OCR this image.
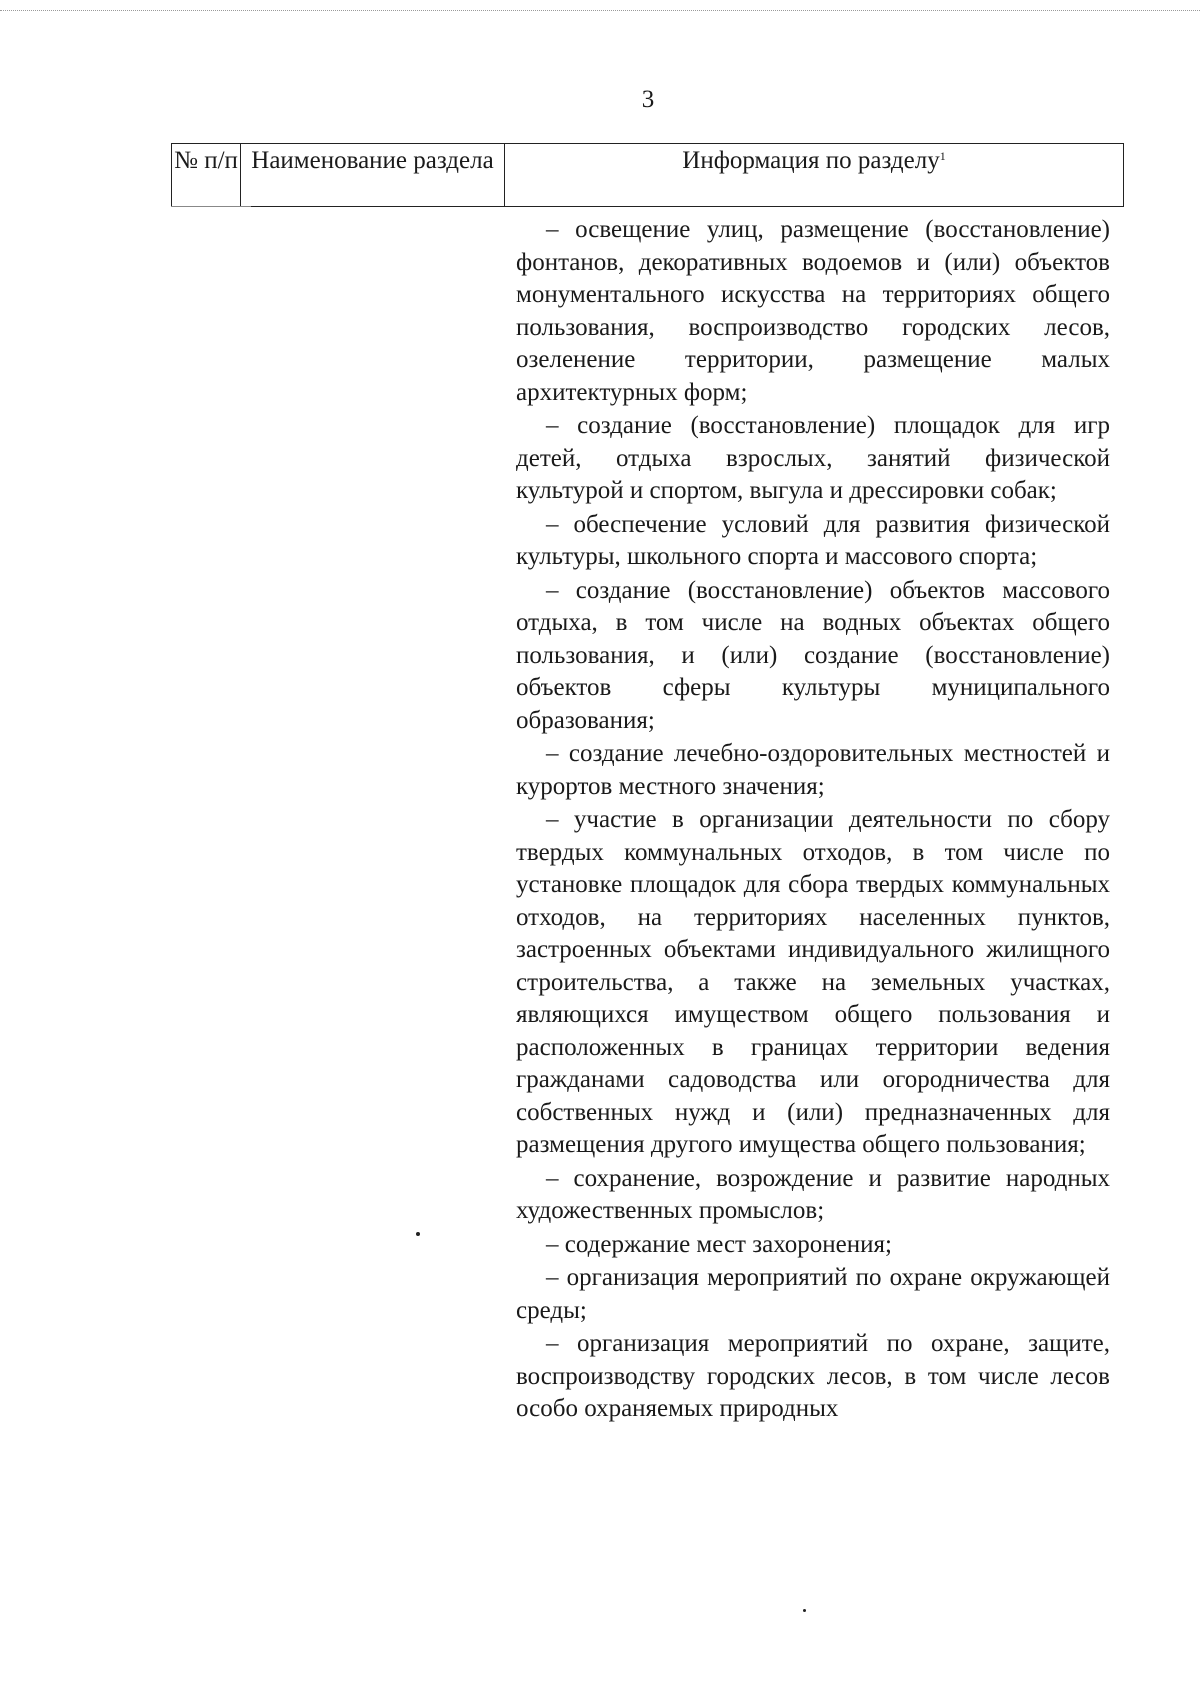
3
№ п/п Наименование раздела	Информация по разделу$^1$

– освещение улиц, размещение (восстановление) фонтанов, декоративных водоемов и (или) объектов монументального искусства на территориях общего пользования, воспроизводство городских лесов, озеленение территории, размещение малых архитектурных форм;

– создание (восстановление) площадок для игр детей, отдыха взрослых, занятий физической культурой и спортом, выгула и дрессировки собак;

– обеспечение условий для развития физической культуры, школьного спорта и массового спорта;

– создание (восстановление) объектов массового отдыха, в том числе на водных объектах общего пользования, и (или) создание (восстановление) объектов сферы культуры муниципального образования;

– создание лечебно-оздоровительных местностей и курортов местного значения;

– участие в организации деятельности по сбору твердых коммунальных отходов, в том числе по установке площадок для сбора твердых коммунальных отходов, на территориях населенных пунктов, застроенных объектами индивидуального жилищного строительства, а также на земельных участках, являющихся имуществом общего пользования и расположенных в границах территории ведения гражданами садоводства или огородничества для собственных нужд и (или) предназначенных для размещения другого имущества общего пользования;

– сохранение, возрождение и развитие народных художественных промыслов;

– содержание мест захоронения;

– организация мероприятий по охране окружающей среды;

– организация мероприятий по охране, защите, воспроизводству городских лесов, в том числе лесов особо охраняемых природных
